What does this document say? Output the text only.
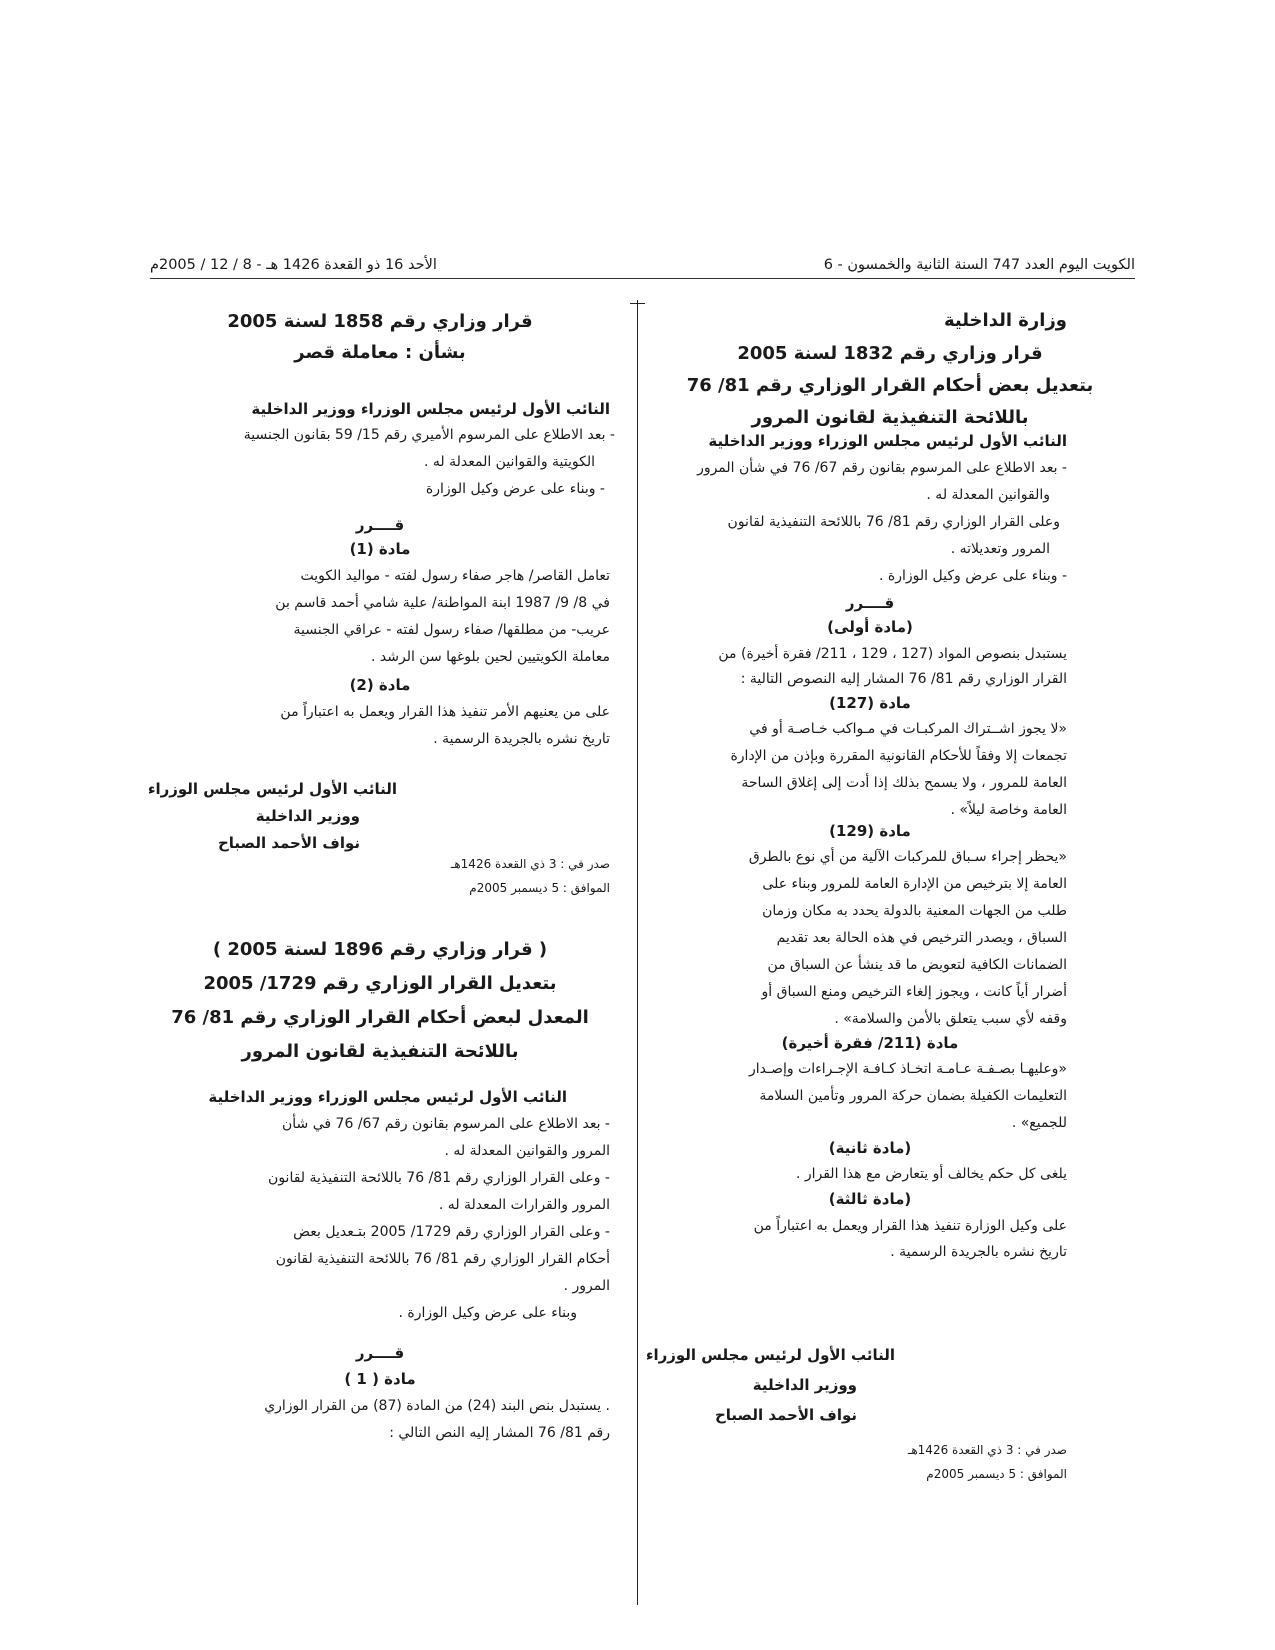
الكويت اليوم العدد 747 السنة الثانية والخمسون - 6
الأحد 16 ذو القعدة 1426 هـ - 8 / 12 / 2005م
وزارة الداخلية
قرار وزاري رقم 1832 لسنة 2005
بتعديل بعض أحكام القرار الوزاري رقم 81/ 76
باللائحة التنفيذية لقانون المرور
النائب الأول لرئيس مجلس الوزراء ووزير الداخلية
- بعد الاطلاع على المرسوم بقانون رقم 67/ 76 في شأن المرور
والقوانين المعدلة له .
وعلى القرار الوزاري رقم 81/ 76 باللائحة التنفيذية لقانون
المرور وتعديلاته .
- وبناء على عرض وكيل الوزارة .
قــــرر
(مادة أولى)
يستبدل بنصوص المواد (127 ، 129 ، 211/ فقرة أخيرة) من
القرار الوزاري رقم 81/ 76 المشار إليه النصوص التالية :
مادة (127)
«لا يجوز اشــتراك المركبـات في مـواكب خـاصـة أو في
تجمعات إلا وفقاً للأحكام القانونية المقررة وبإذن من الإدارة
العامة للمرور ، ولا يسمح بذلك إذا أدت إلى إغلاق الساحة
العامة وخاصة ليلاً» .
مادة (129)
«يحظر إجراء سـباق للمركبات الآلية من أي نوع بالطرق
العامة إلا بترخيص من الإدارة العامة للمرور وبناء على
طلب من الجهات المعنية بالدولة يحدد به مكان وزمان
السباق ، ويصدر الترخيص في هذه الحالة بعد تقديم
الضمانات الكافية لتعويض ما قد ينشأ عن السباق من
أضرار أياً كانت ، ويجوز إلغاء الترخيص ومنع السباق أو
وقفه لأي سبب يتعلق بالأمن والسلامة» .
مادة (211/ فقرة أخيرة)
«وعليهـا بصـفـة عـامـة اتخـاذ كـافـة الإجـراءات وإصـدار
التعليمات الكفيلة بضمان حركة المرور وتأمين السلامة
للجميع» .
(مادة ثانية)
يلغى كل حكم يخالف أو يتعارض مع هذا القرار .
(مادة ثالثة)
على وكيل الوزارة تنفيذ هذا القرار ويعمل به اعتباراً من
تاريخ نشره بالجريدة الرسمية .
النائب الأول لرئيس مجلس الوزراء
ووزير الداخلية
نواف الأحمد الصباح
صدر في : 3 ذي القعدة 1426هـ
الموافق : 5 ديسمبر 2005م
قرار وزاري رقم 1858 لسنة 2005
بشأن : معاملة قصر
النائب الأول لرئيس مجلس الوزراء ووزير الداخلية
- بعد الاطلاع على المرسوم الأميري رقم 15/ 59 بقانون الجنسية
الكويتية والقوانين المعدلة له .
- وبناء على عرض وكيل الوزارة
قــــرر
مادة (1)
تعامل القاصر/ هاجر صفاء رسول لفته - مواليد الكويت
في 8/ 9/ 1987 ابنة المواطنة/ علية شامي أحمد قاسم بن
عريب- من مطلقها/ صفاء رسول لفته - عراقي الجنسية
معاملة الكويتيين لحين بلوغها سن الرشد .
مادة (2)
على من يعنيهم الأمر تنفيذ هذا القرار ويعمل به اعتباراً من
تاريخ نشره بالجريدة الرسمية .
النائب الأول لرئيس مجلس الوزراء
ووزير الداخلية
نواف الأحمد الصباح
صدر في : 3 ذي القعدة 1426هـ
الموافق : 5 ديسمبر 2005م
( قرار وزاري رقم 1896 لسنة 2005 )
بتعديل القرار الوزاري رقم 1729/ 2005
المعدل لبعض أحكام القرار الوزاري رقم 81/ 76
باللائحة التنفيذية لقانون المرور
النائب الأول لرئيس مجلس الوزراء ووزير الداخلية
- بعد الاطلاع على المرسوم بقانون رقم 67/ 76 في شأن
المرور والقوانين المعدلة له .
- وعلى القرار الوزاري رقم 81/ 76 باللائحة التنفيذية لقانون
المرور والقرارات المعدلة له .
- وعلى القرار الوزاري رقم 1729/ 2005 بتـعديل بعض
أحكام القرار الوزاري رقم 81/ 76 باللائحة التنفيذية لقانون
المرور .
وبناء على عرض وكيل الوزارة .
قــــرر
مادة ( 1 )
. يستبدل بنص البند (24) من المادة (87) من القرار الوزاري
رقم 81/ 76 المشار إليه النص التالي :
